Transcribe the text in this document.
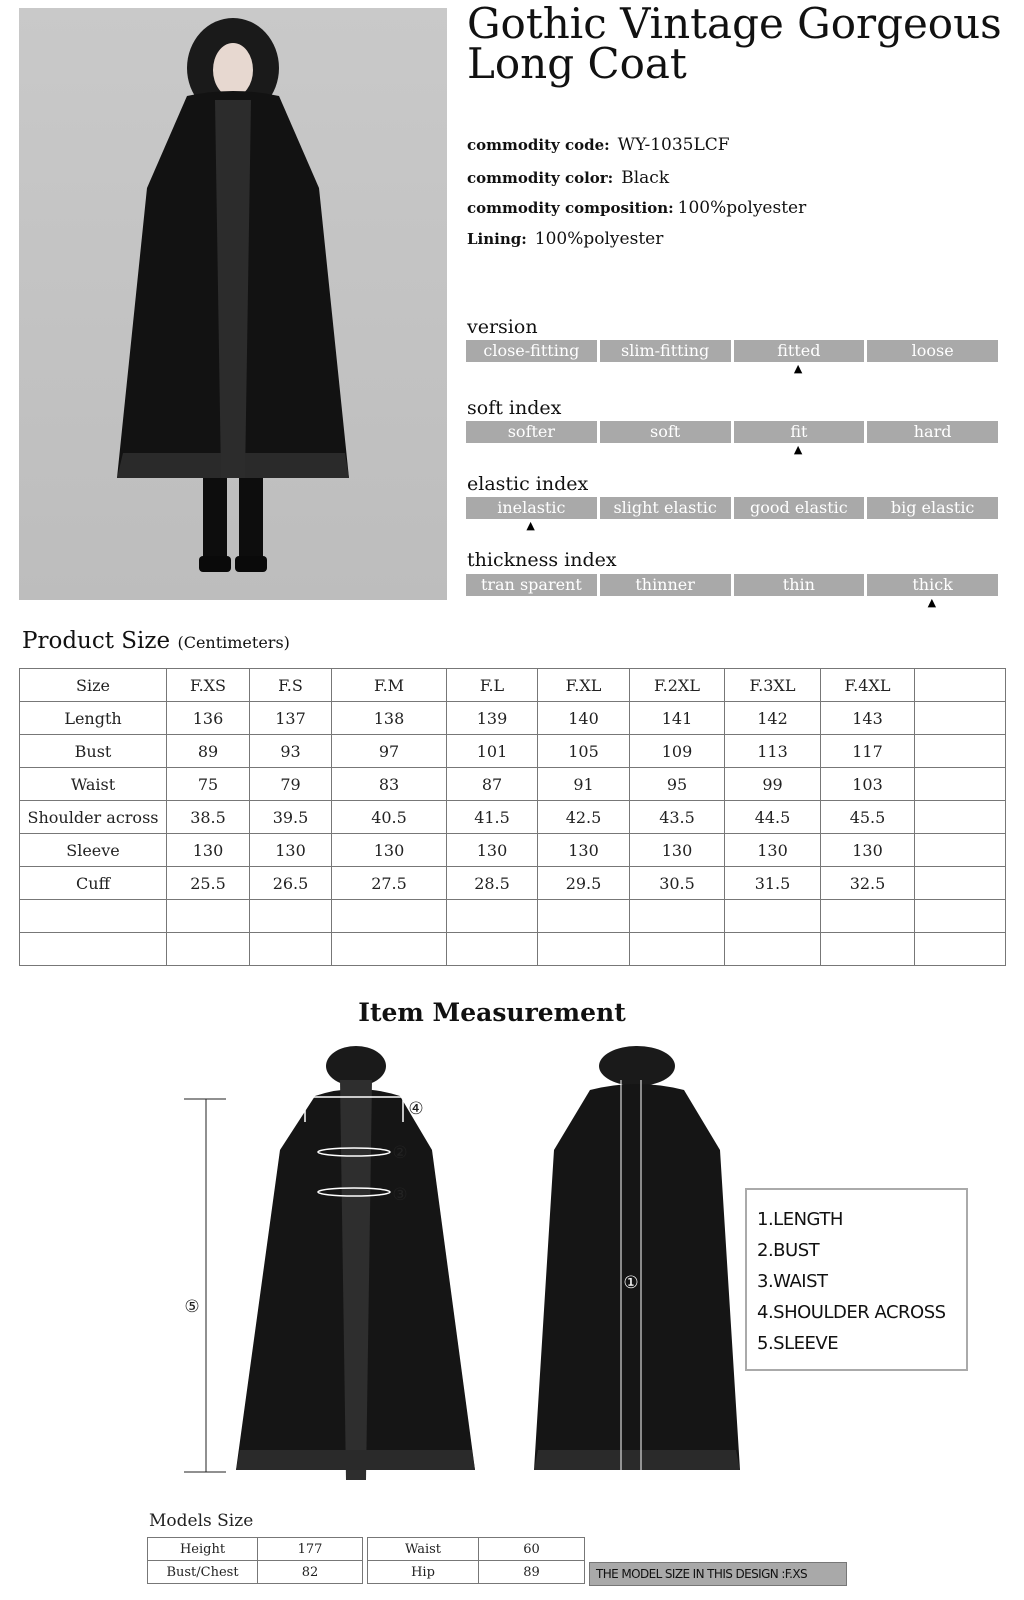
Gothic Vintage Gorgeous Long Coat
commodity code: WY-1035LCF
commodity color: Black
commodity composition: 100%polyester
Lining: 100%polyester
version
close-fitting	slim-fitting	fitted	loose
▲
soft index
softer	soft	fit	hard
▲
elastic index
inelastic	slight elastic	good elastic	big elastic
▲
thickness index
tran sparent	thinner	thin	thick
▲
Product Size (Centimeters)
Size	F.XS	F.S	F.M	F.L	F.XL	F.2XL	F.3XL	F.4XL	
Length	136	137	138	139	140	141	142	143	
Bust	89	93	97	101	105	109	113	117	
Waist	75	79	83	87	91	95	99	103	
Shoulder across	38.5	39.5	40.5	41.5	42.5	43.5	44.5	45.5	
Sleeve	130	130	130	130	130	130	130	130	
Cuff	25.5	26.5	27.5	28.5	29.5	30.5	31.5	32.5	

Item Measurement
①
②
③
④
⑤
1.LENGTH
2.BUST
3.WAIST
4.SHOULDER ACROSS
5.SLEEVE
Models Size
Height	177
Bust/Chest	82
Waist	60
Hip	89	THE MODEL SIZE IN THIS DESIGN :F.XS
